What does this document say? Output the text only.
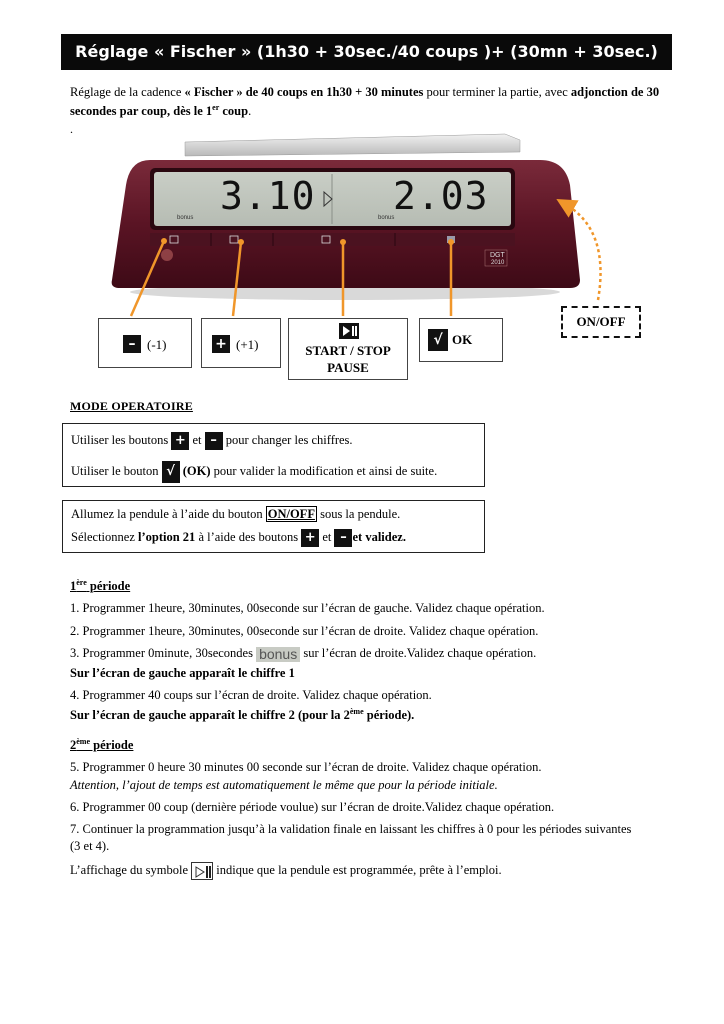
Réglage « Fischer » (1h30 + 30sec./40 coups )+ (30mn + 30sec.)
Réglage de la cadence « Fischer » de 40 coups en 1h30 + 30 minutes pour terminer la partie, avec adjonction de 30 secondes par coup, dès le 1er coup.
.
3.10 2.03
bonus	bonus
DGT
2010
ON/OFF
– (-1)	+ (+1)	START / STOP
PAUSE
√ OK
MODE OPERATOIRE

Utiliser les boutons + et – pour changer les chiffres.

Utiliser le bouton √ (OK) pour valider la modification et ainsi de suite.

Allumez la pendule à l’aide du bouton ON/OFF sous la pendule.

Sélectionnez l’option 21 à l’aide des boutons + et – et validez.

1ère période
1. Programmer 1heure, 30minutes, 00seconde sur l’écran de gauche. Validez chaque opération.
2. Programmer 1heure, 30minutes, 00seconde sur l’écran de droite. Validez chaque opération.
3. Programmer 0minute, 30secondes bonus sur l’écran de droite.Validez chaque opération.
Sur l’écran de gauche apparaît le chiffre 1
4. Programmer 40 coups sur l’écran de droite. Validez chaque opération.
Sur l’écran de gauche apparaît le chiffre 2 (pour la 2ème période).
2ème période
5. Programmer 0 heure 30 minutes 00 seconde sur l’écran de droite. Validez chaque opération.
Attention, l’ajout de temps est automatiquement le même que pour la période initiale.
6. Programmer 00 coup (dernière période voulue) sur l’écran de droite.Validez chaque opération.
7. Continuer la programmation jusqu’à la validation finale en laissant les chiffres à 0 pour les périodes suivantes
(3 et 4).
L’affichage du symbole  indique que la pendule est programmée, prête à l’emploi.
